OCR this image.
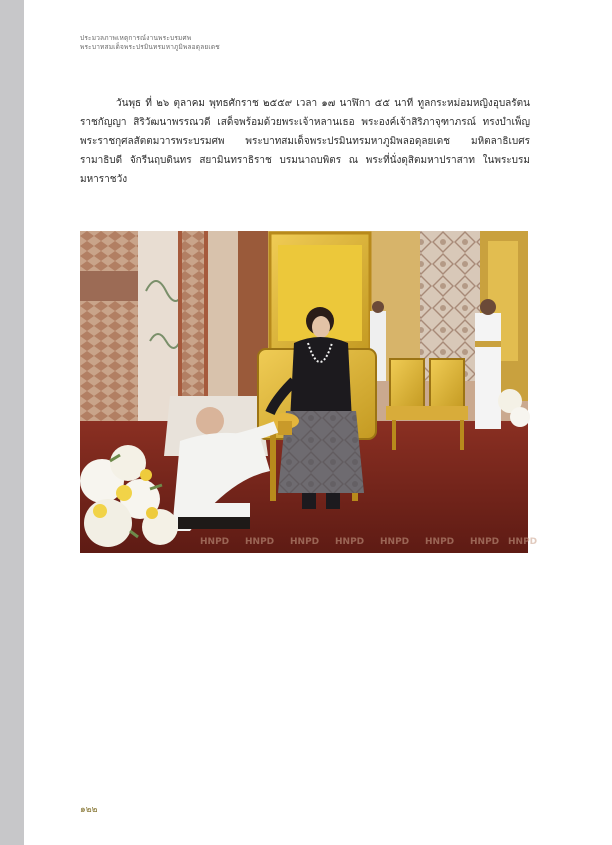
ประมวลภาพเหตุการณ์งานพระบรมศพ
พระบาทสมเด็จพระปรมินทรมหาภูมิพลอดุลยเดช

วันพุธ ที่ ๒๖ ตุลาคม พุทธศักราช ๒๕๕๙ เวลา ๑๗ นาฬิกา ๕๕ นาที ทูลกระหม่อมหญิงอุบลรัตน ราชกัญญา สิริวัฒนาพรรณวดี เสด็จพร้อมด้วยพระเจ้าหลานเธอ พระองค์เจ้าสิริภาจุฑาภรณ์ ทรงบำเพ็ญพระราชกุศลสัตตมวารพระบรมศพ พระบาทสมเด็จพระปรมินทรมหาภูมิพลอดุลยเดช มหิตลาธิเบศรรามาธิบดี จักรีนฤบดินทร สยามินทราธิราช บรมนาถบพิตร ณ พระที่นั่งดุสิตมหาปราสาท ในพระบรมมหาราชวัง

HNPD HNPD HNPD HNPD HNPD HNPD HNPD HNPD
๑๒๒
